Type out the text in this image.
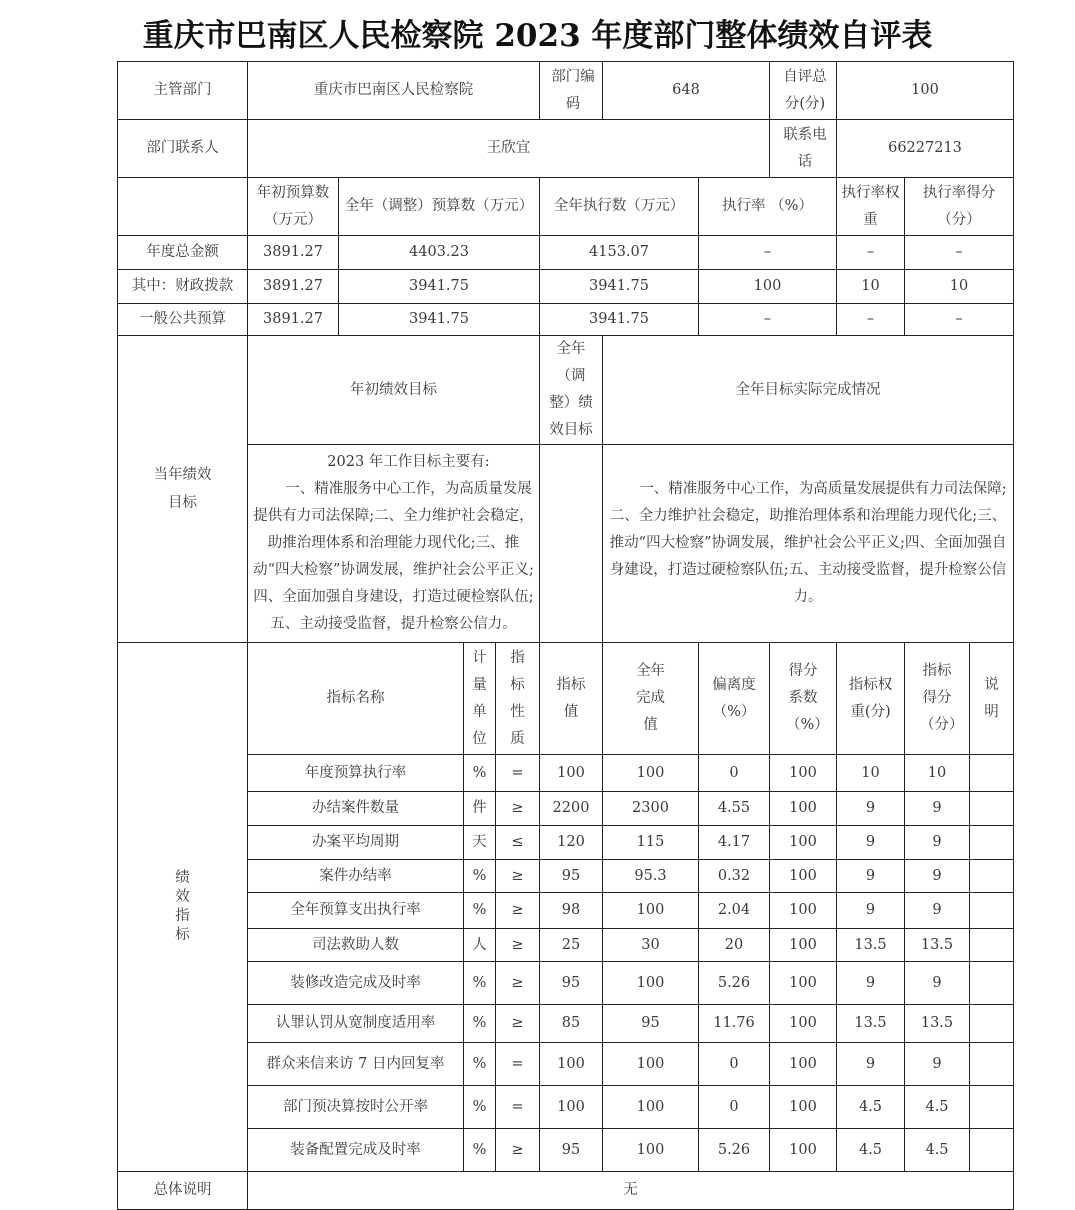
重庆市巴南区人民检察院 2023 年度部门整体绩效自评表
主管部门	重庆市巴南区人民检察院				部门编码	648		自评总分(分)	100		
部门联系人	王欣宜							联系电话	66227213		
	年初预算数（万元）	全年（调整）预算数（万元）			全年执行数（万元）		执行率 （%）		执行率权重	执行率得分（分）	
年度总金额	3891.27	4403.23			4153.07		–		–	–	
其中：财政拨款	3891.27	3941.75			3941.75		100		10	10	
一般公共预算	3891.27	3941.75			3941.75		–		–	–	

当年绩效目标	年初绩效目标				全年（调整）绩效目标	全年目标实际完成情况					

	2023 年工作目标主要有:
一、精准服务中心工作，为高质量发展提供有力司法保障;二、全力维护社会稳定，助推治理体系和治理能力现代化;三、推动“四大检察”协调发展，维护社会公平正义;四、全面加强自身建设，打造过硬检察队伍;五、主动接受监督，提升检察公信力。					一、精准服务中心工作，为高质量发展提供有力司法保障;二、全力维护社会稳定，助推治理体系和治理能力现代化;三、推动“四大检察”协调发展，维护社会公平正义;四、全面加强自身建设，打造过硬检察队伍;五、主动接受监督，提升检察公信力。					

绩效指标	指标名称		计量单位	指标性质	指标值	全年完成值	偏离度（%）	得分系数（%）	指标权重(分)	指标得分（分）	说明

	年度预算执行率		%	=	100	100	0	100	10	10	
	办结案件数量		件	≥	2200	2300	4.55	100	9	9	
	办案平均周期		天	≤	120	115	4.17	100	9	9	
	案件办结率		%	≥	95	95.3	0.32	100	9	9	
	全年预算支出执行率		%	≥	98	100	2.04	100	9	9	
	司法救助人数		人	≥	25	30	20	100	13.5	13.5	
	装修改造完成及时率		%	≥	95	100	5.26	100	9	9	
	认罪认罚从宽制度适用率		%	≥	85	95	11.76	100	13.5	13.5	
	群众来信来访 7 日内回复率		%	=	100	100	0	100	9	9	
	部门预决算按时公开率		%	=	100	100	0	100	4.5	4.5	
	装备配置完成及时率		%	≥	95	100	5.26	100	4.5	4.5	
总体说明	无										
